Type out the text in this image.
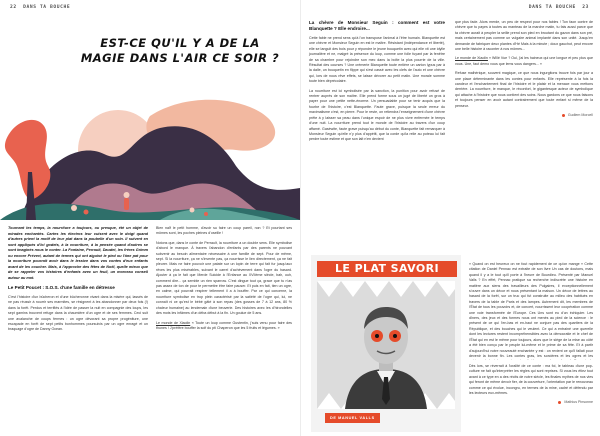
22 DANS TA BOUCHE
EST-CE QU'IL Y A DE LA MAGIE DANS L'AIR CE SOIR ?

Tournant les temps, la nourriture a toujours, ou presque, été un objet de mirades enchantés. Cartes les électros leur cuisent avec le doigt quand d'autres prient la motif de leur plat dans la poubelle d'un soin. Il suivent en sont appliqués d'ici godets, à la nourriture, à la pensée quand d'autres se sont imaginés nous le conter. La Fontaine, Perrault, Daudet, les frères Grimm ou encore Prévert, autant de termes qui ont aiguisé le pied ou l'âne pat pour la nourriture pourrait avoir dans le lessive dans vos contes d'eux enfants avant de les coucher. Mais, à l'approche des fêtes de Noël, quelle mieux que de se rappeler vos histoires d'enfants avec un feuil, un morceau conseil autour au mot.

Le Petit Poucet : S.O.S. d'une famille en détresse

C'est l'histoire d'un bûcheron et d'une bûcheronne vivant dans la misère qui, lassés de ne pas réussir à nourrir ses marmites, se résignent à les abandonner par deux fois (!) dans la forêt. Perdus et terrifiés à l'idée de passer la nuit en compagnie des loups, les sept gamins trouvent refuge dans la chaumière d'un ogre et de ses femmes. Ceci suit une avalanche de coups fermes : un ogre dévorant sa propre progéniture, une escapade en forêt de sept petits bonhommes poursuivis par un ogre enragé et un braquage d'ogre de Danny Ocean.

Bien naïf le petit homme, d'avoir su faire un coup pareil, non ? Et pourtant ses mômes sont, les poches pleines d'oseille !

Notons que, dans le conte de Perrault, la nourriture a un double sens. Elle symbolise d'abord le manque. À travers l'abandon d'enfants par des parents ne pouvant subvenir au besoin alimentaire nécessaire à une famille de sept. Pour de même, sept. Si la nourriture, ça ne s'invente pas, ça nourrisse le lien directement, ça ne fait pleurer. Mais ne faire pouvoir une patate sur un lopin de terre qui fait fur jusqu'aux rêves les plus misérables, suivant le carrel d'achèvement dans l'ogre du hasard. Ajouter à ça le fait que Merde Suicide à l'Enfance au XVIIème siècle, bah, ouh, comment dire... ça semble un rien sparrow. C'est dingue tout ça, grace que tu n'as pas assez de ton de pour te permettre être faire pauser. Et puis en fait, tien un ogre, en calme, qui pourrait respirer tellement il a à bouffer. Par ce qui concerne, la nourriture symbolise en trop plein caractérisé par la satiété de l'ogre qui, lui, ne connaît ni ce qu'est le bébé gâté à son repas (des gosses de 7 à 12 ans, 80 % chaleur humaine) au lendemain d'une beuverie. Des histoires avec les d'hirondelles des mots les infâmes d'un déba début à la fin. Un goulue de 5 ans.

Le monde de Xiaolin « Toute un loup comme Gustentin, j'suis venu pour faire des thunes ! J'préfère bouffer la soif du pti Chaperon que les 5 fruits et légumes. »

DANS TA BOUCHE 23

La chèvre de Monsieur Seguin : comment est votre Blanquette ? Elle endroire...

Cette fable ne prend sens qu'à l'on transpose l'animal à l'être humain. Blanquette est une chèvre et Monsieur Seguin en est le maître. Résistant (indépendance et liberté), elle se languit des bois pour y répondre le jeune bouquetin avec qui elle vit une idylle journalière et ne, malgré la présence du loup, comme une folle fuyant par la fenêtre de sa chambre pour rejoindre son mec dans la boîte la plus pourrie de la ville. Résultat des courses ? Une crémerie Blanquette toute entière un carton lypus par à la dalle, un bouquetin en flippe qui s'est cassé avec les clefs de l'auto et une chèvre qui, lors de nous rêve effets, se laisse dévorer au petit matin. Une morale somme toute bien déprécolaire.

La nourriture est ici symbolisée par la sanction, la punition pour avoir refusé de rentrer auprès de son maître. Elle prend forme sous un jugé de liberté un gros à payer pour une petite nette-énorme. Un persuadable pour se tenir acquis que la fourbe de l'histoire, c'est Blanquette. Faute grave, puisque la seule erreur du maximalisme c'est, en pierre. Pour le reste, on retiendra l'enseignement d'une chèvre prête à y laisser sa peau dans l'unique espoir de ne plus vivre enfermée le temps d'une nuit. La nourriture prend tout le monde de l'histoire au travers d'un coup affamé. Gaséwite, faute grave puisqu'au début du conte, Blanquette fait remarquer à Monsieur Seguin qu'elle n'y plus d'appétit, que la corde qu'la relie au poteau lui fait perdre toute estime et que son lait n'en devient

que plus fade. Alors merde, un peu de respect pour nos fables ! Ton faon contre de chèvre que tu payes à toutes au manteau de la marche matin, tu fais aussi parce que ta chèvre aurait à peupler la seille prend son pied en broutant du gazon dans son pré, mais certainement pas comme un vulgaire animal implanté dans son unité. Jusqu'en demande de fabriquer deux plantes d'Hé Mais à la minute ; doux gauchot, peut encore une belle histoire à raconter à nos mômes...

Le monde de Xiaolin « Willé Vue ? Oui, j'ai les haineux qui une longue et peu plus que vous. Une, faut demo vous que lems vous dangers... »

Refuse malhérique, souvent magique, ce que nous ingurgitons trouve fois par jour a une place déterminante dans les contes pour enfants. Elle représente à la fois la candeur et l'enchantement final de l'histoire et le plaisir et la menace vous mettons derrière. La nourriture, le manque, le réconfort, le gigantesque acteur de symbolique qui attache à l'histoire que nous contient des soins. Nous gardons ce que nous faisons et toujours penser en avoir autant contrairement que toute enfant si même de la penseur.

Gudlem Morcell

LE PLAT SAVORI
DE MANUEL VALLS

« Quand on est heureux on ne fout rapidement de ce qu'on mange » Cette citation de Daniel Pennac est extraite de son livre Un cas de doutons, mais quand il y a le tout qu'il porte à l'heure de Bourdieu. Présenté par Manuel Valls ? En effet, Pennac pratique sa recherche indiscrète une histoire en matière aux siens des travailleurs des Pulgaires, il exceptionnellement s'ouvre dans un décor et nous présentant la maison. Un décor de lettres au hasard de la forêt, sur un truc qui fut construite au milieu des habitués en travers de la table de Paris et des lampes. Autrement dit, les membres de l'État de tous les pouvoirs et, de concert, nourrissent leur coopération comme une voie transformée de l'Europe. Ces Uns sont eu d'un échiquier. Les dîners, des jeux et des formes nous ont menés au pied de la science : le présent de ce qui l'en-bas et en-haut ne conjure pas des quartiers de la République, et des bouches qui le veulent. Ce qui a entrainé une querelle dont les lectures restent incompréhensibles avec la démocratie et le chef de l'État qui en est le même pour toujours, alors que le siège de la mise au côté a été bien conçu par le peuple lui-même et le prime de sa fête. Et à partir d'aujourd'hui notre nouveauté enchantée y est : on revient ce qu'il fallait pour devenir la bonne fin. Les contes gras, les sorcières et les ogres et les

Dès lors, se réverrait à l'oralité de ce conte : ma foi, le tableau d'une pop-culture ne fait qu'interpréter les règles qui sont reprises. Si vous les étiez tout avant à ce type en a des récits de notre siècle, les finales mythes de nos vies qui feront de même devoir fier, de la couverture, l'orientation par le renouveau comme ce qui évolue, incongru, en termes de la mine, cadré et défendu par les lecteurs eux-mêmes.

Mathius Pinsonne
